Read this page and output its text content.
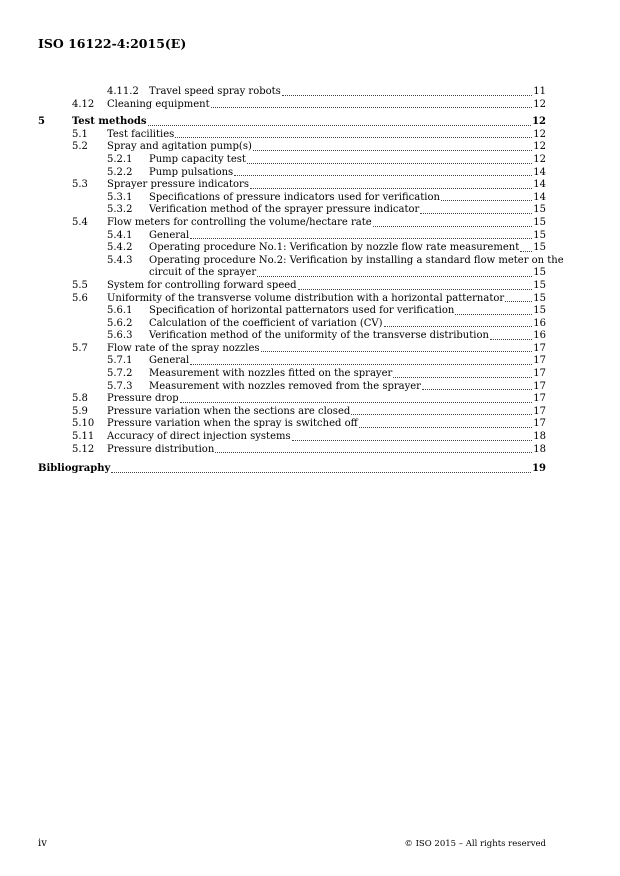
ISO 16122-4:2015(E)
4.11.2 Travel speed spray robots	11
4.12 Cleaning equipment	12
5	Test methods	12
5.1 Test facilities	12
5.2 Spray and agitation pump(s)	12
5.2.1 Pump capacity test	12
5.2.2 Pump pulsations	14
5.3 Sprayer pressure indicators	14
5.3.1 Specifications of pressure indicators used for verification	14
5.3.2 Verification method of the sprayer pressure indicator	15
5.4 Flow meters for controlling the volume/hectare rate	15
5.4.1 General	15
5.4.2 Operating procedure No.1: Verification by nozzle flow rate measurement 15
5.4.3 Operating procedure No.2: Verification by installing a standard flow meter on the
circuit of the sprayer	15
5.5 System for controlling forward speed	15
5.6 Uniformity of the transverse volume distribution with a horizontal patternator	15
5.6.1 Specification of horizontal patternators used for verification	15
5.6.2 Calculation of the coefficient of variation (CV)	16
5.6.3 Verification method of the uniformity of the transverse distribution	16
5.7 Flow rate of the spray nozzles	17
5.7.1 General	17
5.7.2 Measurement with nozzles fitted on the sprayer	17
5.7.3 Measurement with nozzles removed from the sprayer	17
5.8 Pressure drop	17
5.9 Pressure variation when the sections are closed	17
5.10 Pressure variation when the spray is switched off	17
5.11 Accuracy of direct injection systems	18
5.12 Pressure distribution	18
Bibliography	19
iv	© ISO 2015 – All rights reserved
